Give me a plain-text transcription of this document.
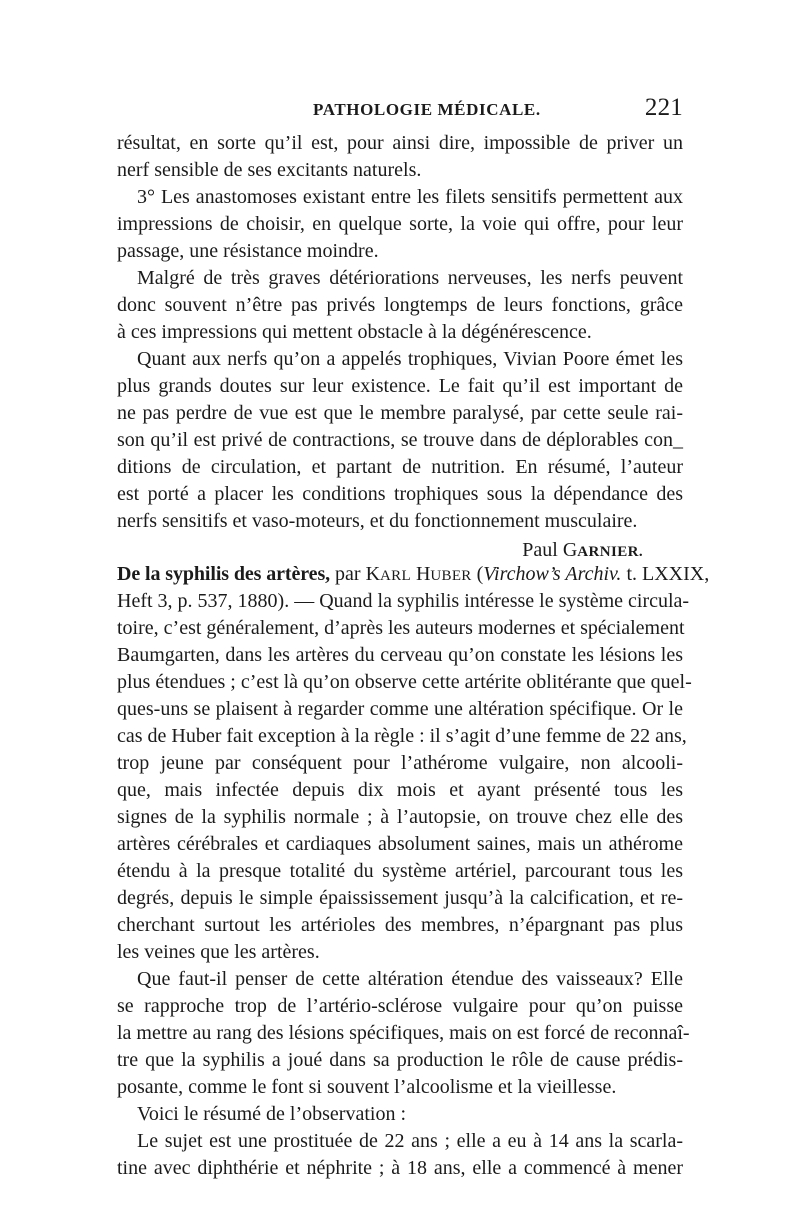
PATHOLOGIE MÉDICALE.	221
résultat, en sorte qu’il est, pour ainsi dire, impossible de priver un
nerf sensible de ses excitants naturels.
3° Les anastomoses existant entre les filets sensitifs permettent aux
impressions de choisir, en quelque sorte, la voie qui offre, pour leur
passage, une résistance moindre.
Malgré de très graves détériorations nerveuses, les nerfs peuvent
donc souvent n’être pas privés longtemps de leurs fonctions, grâce
à ces impressions qui mettent obstacle à la dégénérescence.
Quant aux nerfs qu’on a appelés trophiques, Vivian Poore émet les
plus grands doutes sur leur existence. Le fait qu’il est important de
ne pas perdre de vue est que le membre paralysé, par cette seule rai-
son qu’il est privé de contractions, se trouve dans de déplorables con_
ditions de circulation, et partant de nutrition. En résumé, l’auteur
est porté a placer les conditions trophiques sous la dépendance des
nerfs sensitifs et vaso-moteurs, et du fonctionnement musculaire.
Paul GARNIER.
De la syphilis des artères, par KARL HUBER (Virchow’s Archiv. t. LXXIX,
Heft 3, p. 537, 1880). — Quand la syphilis intéresse le système circula-
toire, c’est généralement, d’après les auteurs modernes et spécialement
Baumgarten, dans les artères du cerveau qu’on constate les lésions les
plus étendues ; c’est là qu’on observe cette artérite oblitérante que quel-
ques-uns se plaisent à regarder comme une altération spécifique. Or le
cas de Huber fait exception à la règle : il s’agit d’une femme de 22 ans,
trop jeune par conséquent pour l’athérome vulgaire, non alcooli-
que, mais infectée depuis dix mois et ayant présenté tous les
signes de la syphilis normale ; à l’autopsie, on trouve chez elle des
artères cérébrales et cardiaques absolument saines, mais un athérome
étendu à la presque totalité du système artériel, parcourant tous les
degrés, depuis le simple épaississement jusqu’à la calcification, et re-
cherchant surtout les artérioles des membres, n’épargnant pas plus
les veines que les artères.
Que faut-il penser de cette altération étendue des vaisseaux? Elle
se rapproche trop de l’artério-sclérose vulgaire pour qu’on puisse
la mettre au rang des lésions spécifiques, mais on est forcé de reconnaî-
tre que la syphilis a joué dans sa production le rôle de cause prédis-
posante, comme le font si souvent l’alcoolisme et la vieillesse.
Voici le résumé de l’observation :
Le sujet est une prostituée de 22 ans ; elle a eu à 14 ans la scarla-
tine avec diphthérie et néphrite ; à 18 ans, elle a commencé à mener
